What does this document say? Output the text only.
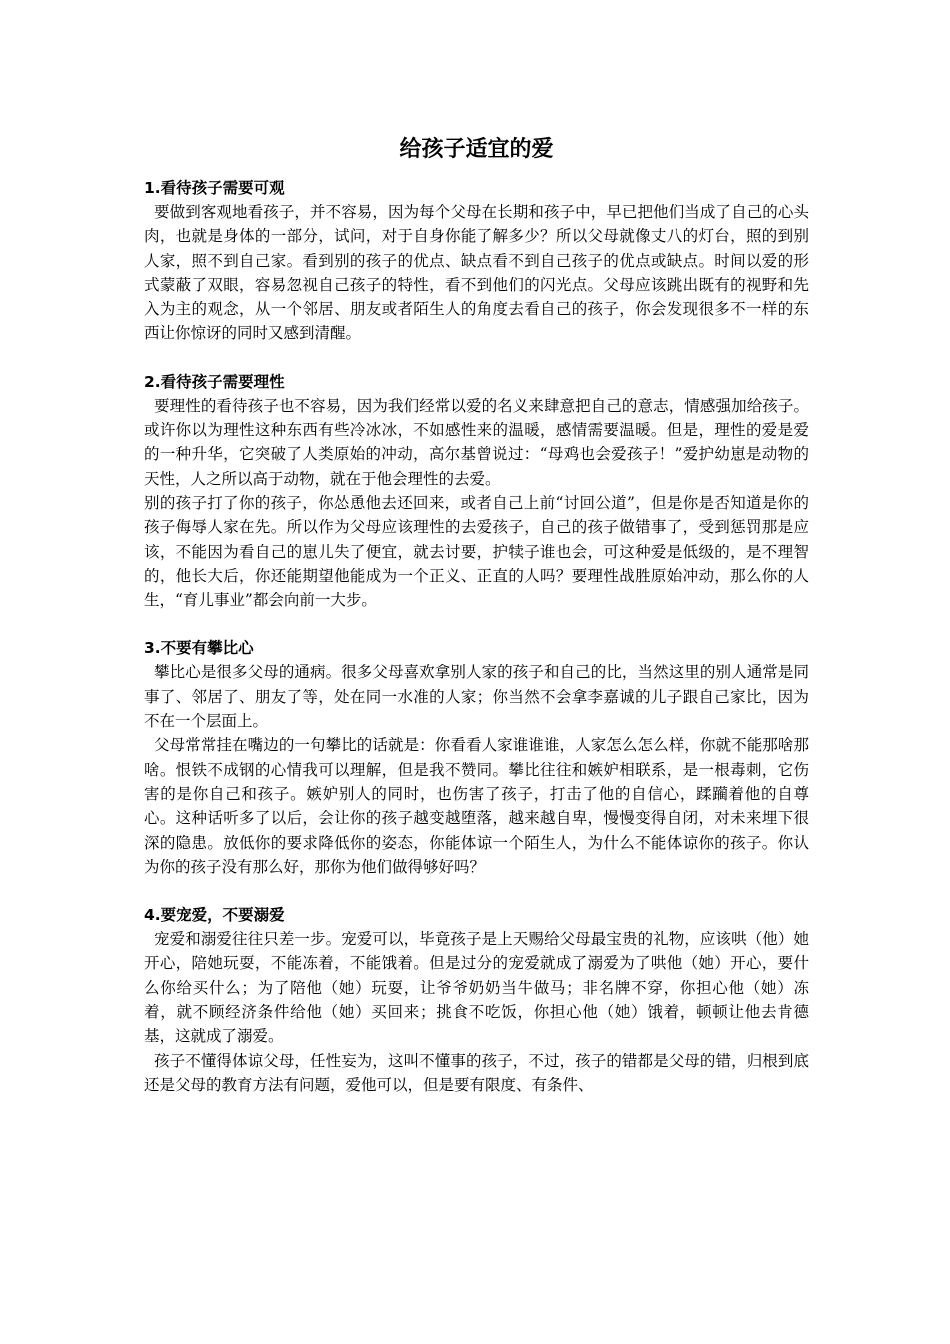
给孩子适宜的爱

1.看待孩子需要可观

要做到客观地看孩子，并不容易，因为每个父母在长期和孩子中，早已把他们当成了自己的心头肉，也就是身体的一部分，试问，对于自身你能了解多少？所以父母就像丈八的灯台，照的到别人家，照不到自己家。看到别的孩子的优点、缺点看不到自己孩子的优点或缺点。时间以爱的形式蒙蔽了双眼，容易忽视自己孩子的特性，看不到他们的闪光点。父母应该跳出既有的视野和先入为主的观念，从一个邻居、朋友或者陌生人的角度去看自己的孩子，你会发现很多不一样的东西让你惊讶的同时又感到清醒。

2.看待孩子需要理性

要理性的看待孩子也不容易，因为我们经常以爱的名义来肆意把自己的意志，情感强加给孩子。或许你以为理性这种东西有些冷冰冰，不如感性来的温暖，感情需要温暖。但是，理性的爱是爱的一种升华，它突破了人类原始的冲动，高尔基曾说过：“母鸡也会爱孩子！”爱护幼崽是动物的天性，人之所以高于动物，就在于他会理性的去爱。

别的孩子打了你的孩子，你怂恿他去还回来，或者自己上前“讨回公道”，但是你是否知道是你的孩子侮辱人家在先。所以作为父母应该理性的去爱孩子，自己的孩子做错事了，受到惩罚那是应该，不能因为看自己的崽儿失了便宜，就去讨要，护犊子谁也会，可这种爱是低级的，是不理智的，他长大后，你还能期望他能成为一个正义、正直的人吗？要理性战胜原始冲动，那么你的人生，“育儿事业”都会向前一大步。

3.不要有攀比心

攀比心是很多父母的通病。很多父母喜欢拿别人家的孩子和自己的比，当然这里的别人通常是同事了、邻居了、朋友了等，处在同一水准的人家；你当然不会拿李嘉诚的儿子跟自己家比，因为不在一个层面上。

父母常常挂在嘴边的一句攀比的话就是：你看看人家谁谁谁，人家怎么怎么样，你就不能那啥那啥。恨铁不成钢的心情我可以理解，但是我不赞同。攀比往往和嫉妒相联系，是一根毒刺，它伤害的是你自己和孩子。嫉妒别人的同时，也伤害了孩子，打击了他的自信心，蹂躏着他的自尊心。这种话听多了以后，会让你的孩子越变越堕落，越来越自卑，慢慢变得自闭，对未来埋下很深的隐患。放低你的要求降低你的姿态，你能体谅一个陌生人，为什么不能体谅你的孩子。你认为你的孩子没有那么好，那你为他们做得够好吗？

4.要宠爱，不要溺爱

宠爱和溺爱往往只差一步。宠爱可以，毕竟孩子是上天赐给父母最宝贵的礼物，应该哄（他）她开心，陪她玩耍，不能冻着，不能饿着。但是过分的宠爱就成了溺爱为了哄他（她）开心，要什么你给买什么；为了陪他（她）玩耍，让爷爷奶奶当牛做马；非名牌不穿，你担心他（她）冻着，就不顾经济条件给他（她）买回来；挑食不吃饭，你担心他（她）饿着，顿顿让他去肯德基，这就成了溺爱。

孩子不懂得体谅父母，任性妄为，这叫不懂事的孩子，不过，孩子的错都是父母的错，归根到底还是父母的教育方法有问题，爱他可以，但是要有限度、有条件、
